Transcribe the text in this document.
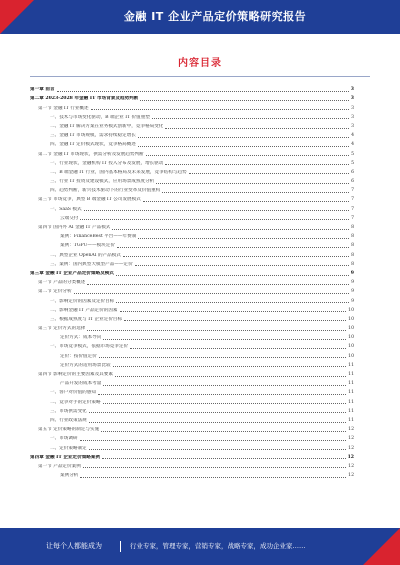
金融 IT 企业产品定价策略研究报告
内容目录
第一章 前言	3
第二章 2023-2028 年金融 IT 市场背景及趋势判断	3
第一节 金融 IT 行业概述	3
一、技术与市场变化驱动，B 端企业 IT 价值重塑	3
二、金融 IT 解决方案在业务模式创新中，竞争格局变化	3
三、金融 IT 市场规模，需求持续稳定增长	4
四、金融 IT 定价模式现状，竞争格局概述	4
第二节 金融 IT 市场现状，供需分析及发展趋势判断	5
一、行业现状，金融机构 IT 投入分布及发展，增长驱动	5
二、B 端金融 IT 行业，国内基本格局及未来发展，竞争结构与趋势	6
三、行业 IT 投资及建设模式，应用场景成熟度分析	6
四、趋势判断，新兴技术驱动下的行业变革及价值重构	7
第三节 市场竞争，典型 B 端金融 IT 公司发展模式	7
一、SaaS 模式	7
云端交付	7
第四节 国内外 AI 金融 IT 产品模式	8
案例：FinanceBest 平台——年费制	8
案例：TGPU——模块定价	8
二、典型企业 OpenAI 的产品模式	8
三、案例：国内典型大模型产品——定价	8
第三章 金融 IT 企业产品定价策略及模式	9
第一节 产品的分类概述	9
第二节 定价分析	9
一、影响定价的因素及定价目标	9
二、影响金融 IT 产品定价的因素	10
三、根据成熟度与 IT 企业定价目标	10
第三节 定价方式的选择	10
定价方式：成本导向	10
一、市场竞争模式，依据市场竞争定价	10
定价：按价值定价	10
定价方式的适用场景比较	11
第四节 影响定价的主要因素及其要素	11
产品开发的成本考量	11
一、客户对价值的感知	11
二、竞争对手的定价策略	11
三、市场供需变化	11
四、行业政策法规	11
第五节 定价策略的制定与实施	12
一、市场调研	12
二、定价策略制定	12
第四章 金融 IT 企业定价策略案例	12
第一节 产品定价案例	12
案例分析	12
让每个人都能成为	行业专家，管理专家，营销专家，战略专家，成功企业家……
